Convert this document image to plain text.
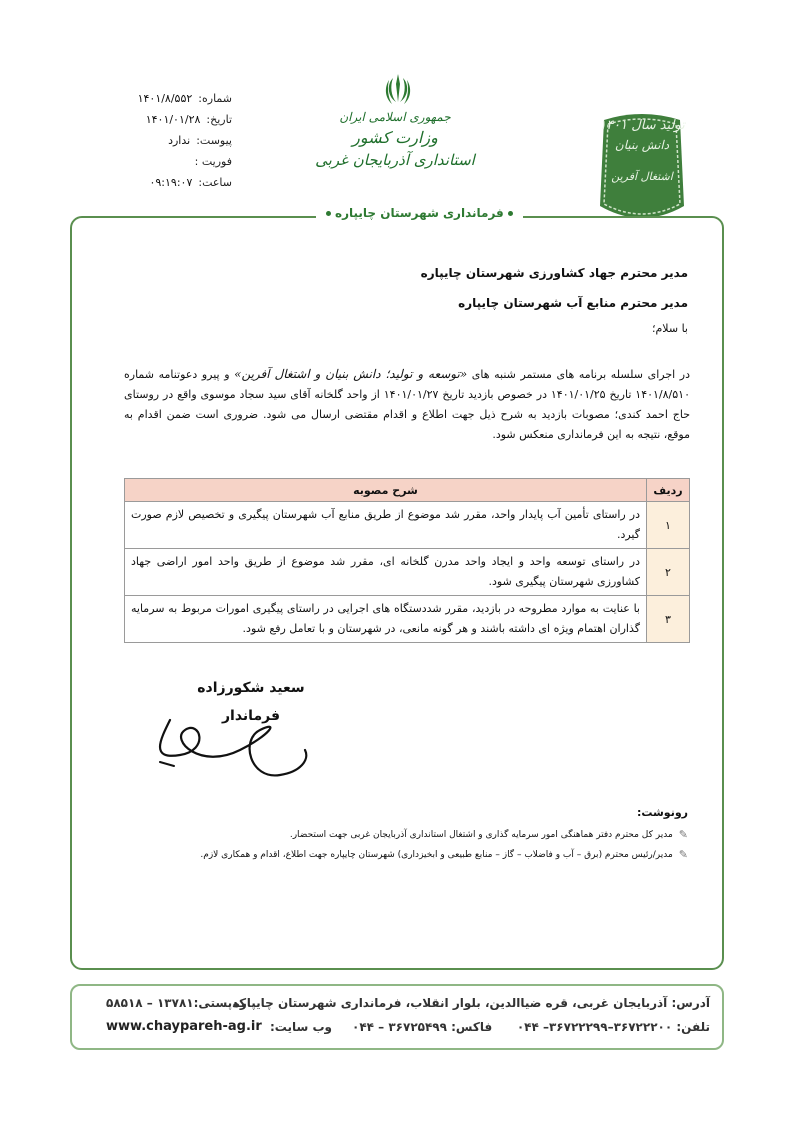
شماره:
۱۴۰۱/۸/۵۵۲
تاریخ:
۱۴۰۱/۰۱/۲۸
پیوست:
ندارد
فوریت :
ساعت:
۰۹:۱۹:۰۷
جمهوری اسلامی ایران
وزارت کشور
استانداری آذربایجان غربی
تولید سال ۱۴۰۱
دانش بنیان
اشتغال آفرین
فرمانداری شهرستان چایپاره
مدیر محترم جهاد کشاورزی شهرستان چایپاره
مدیر محترم منابع آب شهرستان چایپاره
با سلام؛
در اجرای سلسله برنامه های مستمر شنبه های «توسعه و تولید؛ دانش بنیان و اشتغال آفرین» و پیرو دعوتنامه شماره ۱۴۰۱/۸/۵۱۰ تاریخ ۱۴۰۱/۰۱/۲۵ در خصوص بازدید تاریخ ۱۴۰۱/۰۱/۲۷ از واحد گلخانه آقای سید سجاد موسوی واقع در روستای حاج احمد کندی؛ مصوبات بازدید به شرح ذیل جهت اطلاع و اقدام مقتضی ارسال می شود. ضروری است ضمن اقدام به موقع، نتیجه به این فرمانداری منعکس شود.
ردیف	شرح مصوبه
۱	در راستای تأمین آب پایدار واحد، مقرر شد موضوع از طریق منابع آب شهرستان پیگیری و تخصیص لازم صورت گیرد.
۲	در راستای توسعه واحد و ایجاد واحد مدرن گلخانه ای، مقرر شد موضوع از طریق واحد امور اراضی جهاد کشاورزی شهرستان پیگیری شود.
۳	با عنایت به موارد مطروحه در بازدید، مقرر شددستگاه های اجرایی در راستای پیگیری امورات مربوط به سرمایه گذاران اهتمام ویژه ای داشته باشند و هر گونه مانعی، در شهرستان و با تعامل رفع شود.
سعید شکورزاده
فرماندار
رونوشت:
✎
مدیر کل محترم دفتر هماهنگی امور سرمایه گذاری و اشتغال استانداری آذربایجان غربی جهت استحضار.
✎
مدیر/رئیس محترم (برق – آب و فاضلاب – گاز – منابع طبیعی و ابخیزداری) شهرستان چایپاره جهت اطلاع، اقدام و همکاری لازم.
آدرس: آذربایجان غربی، قره ضیاالدین، بلوار انقلاب، فرمانداری شهرستان چایپاره
کدپستی:۱۳۷۸۱ – ۵۸۵۱۸
تلفن: ۳۶۷۲۲۲۰۰–۳۶۷۲۲۲۹۹– ۰۴۴
فاکس: ۳۶۷۲۵۴۹۹ – ۰۴۴
وب سایت:
www.chaypareh-ag.ir
